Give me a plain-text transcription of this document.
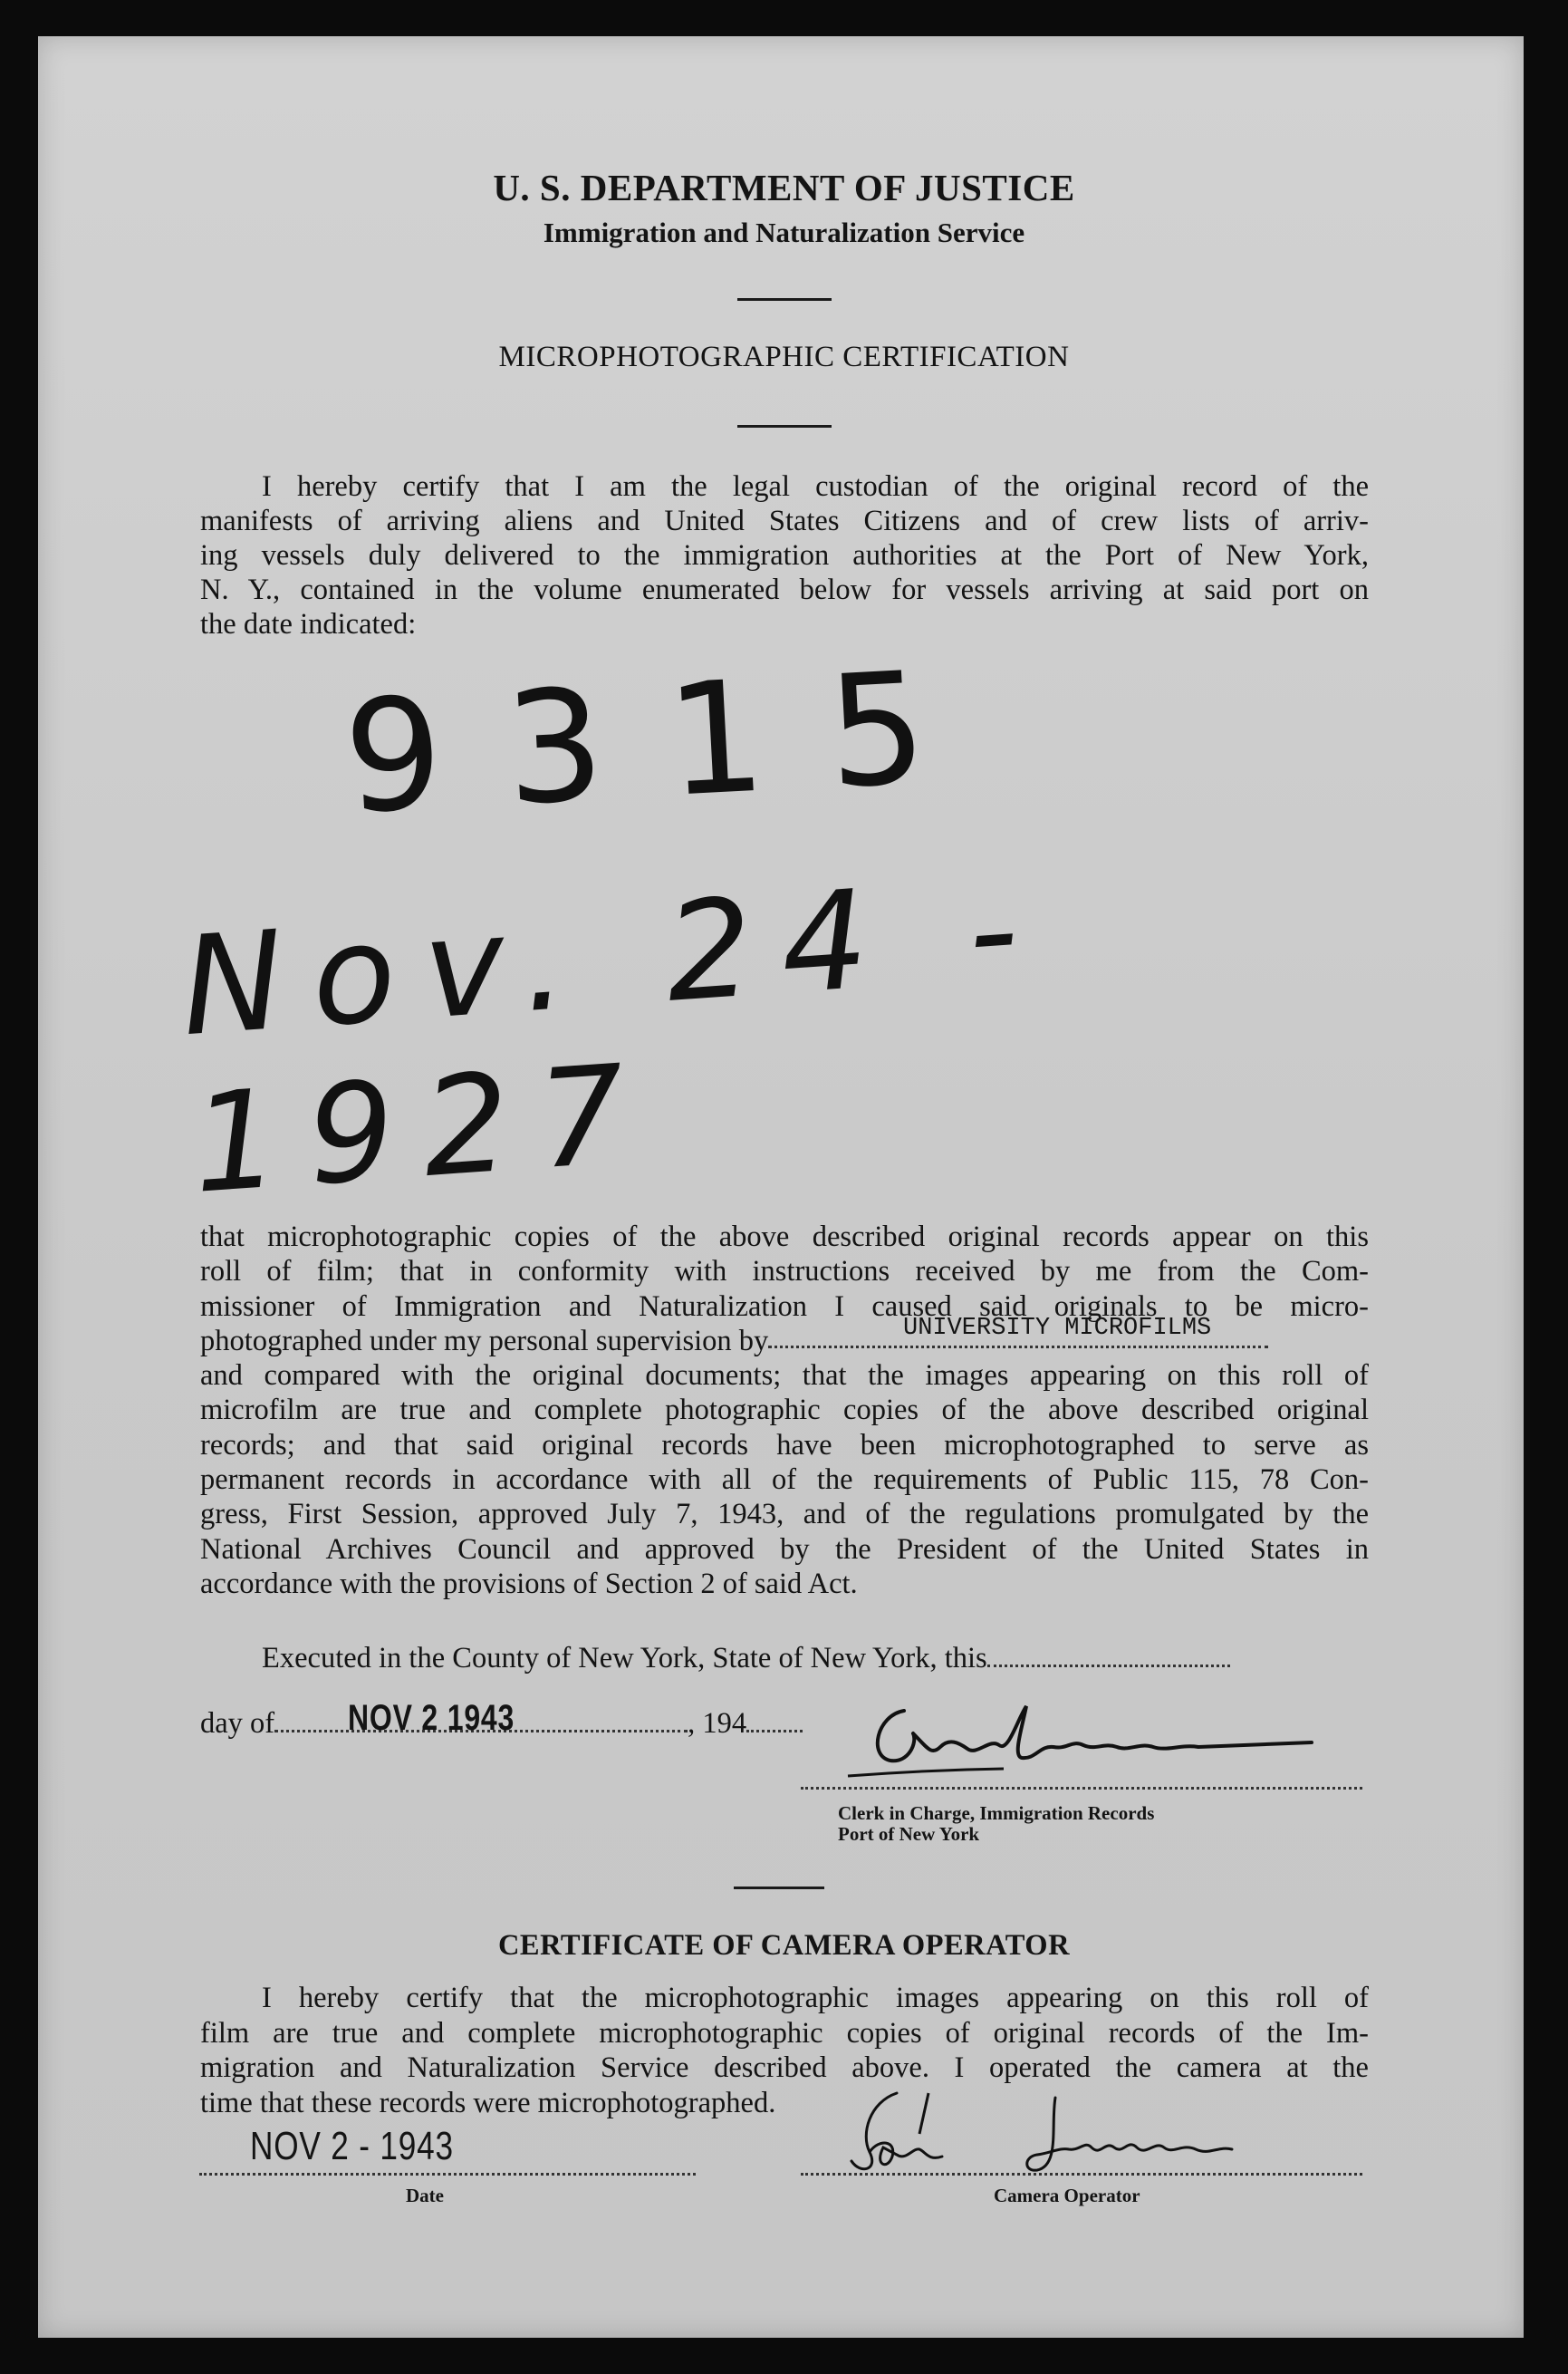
U. S. DEPARTMENT OF JUSTICE
Immigration and Naturalization Service
MICROPHOTOGRAPHIC CERTIFICATION
I hereby certify that I am the legal custodian of the original record of the
manifests of arriving aliens and United States Citizens and of crew lists of arriv-
ing vessels duly delivered to the immigration authorities at the Port of New York,
N. Y., contained in the volume enumerated below for vessels arriving at said port on
the date indicated:
9315
Nov. 24 - 1927
that microphotographic copies of the above described original records appear on this
roll of film; that in conformity with instructions received by me from the Com-
missioner of Immigration and Naturalization I caused said originals to be micro-
photographed under my personal supervision by	UNIVERSITY MICROFILMS
and compared with the original documents; that the images appearing on this roll of
microfilm are true and complete photographic copies of the above described original
records; and that said original records have been microphotographed to serve as
permanent records in accordance with all of the requirements of Public 115, 78 Con-
gress, First Session, approved July 7, 1943, and of the regulations promulgated by the
National Archives Council and approved by the President of the United States in
accordance with the provisions of Section 2 of said Act.
Executed in the County of New York, State of New York, this
day of	, 194
NOV 2 1943
Clerk in Charge, Immigration Records
Port of New York
CERTIFICATE OF CAMERA OPERATOR
I hereby certify that the microphotographic images appearing on this roll of
film are true and complete microphotographic copies of original records of the Im-
migration and Naturalization Service described above. I operated the camera at the
time that these records were microphotographed.
NOV 2 - 1943
Date	Camera Operator
